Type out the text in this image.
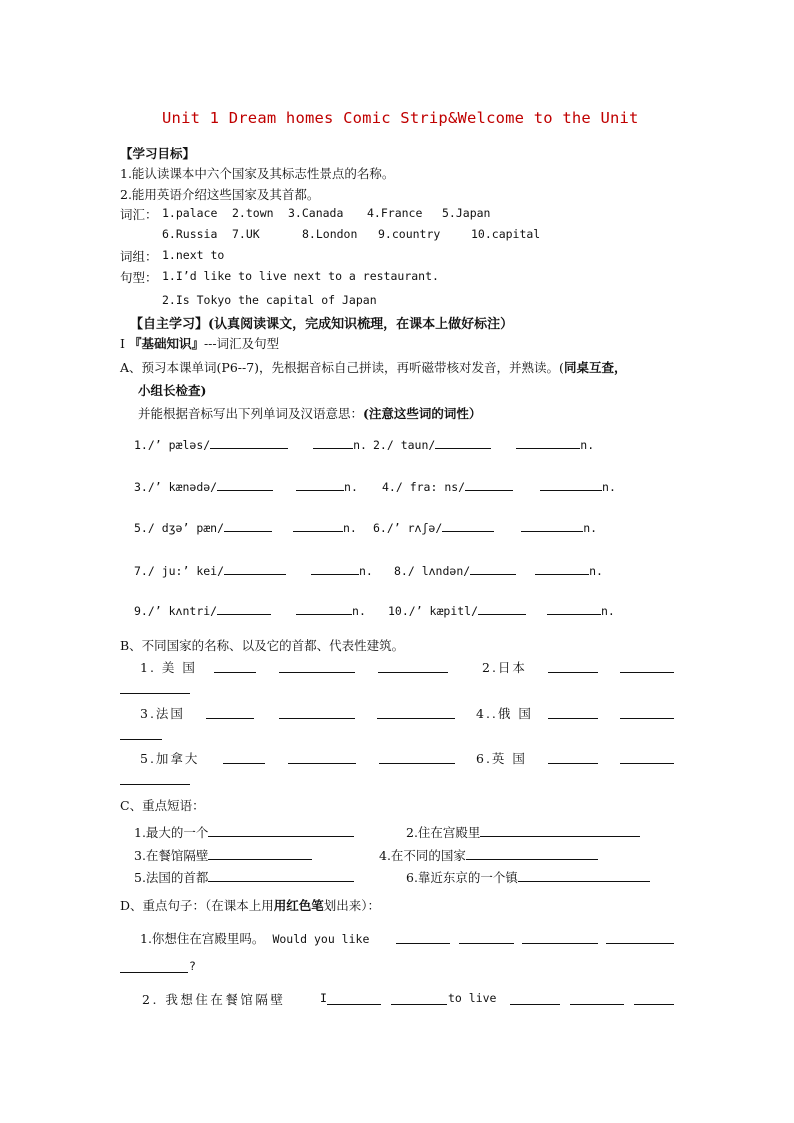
Unit 1 Dream homes Comic Strip&Welcome to the Unit
【学习目标】
1.能认读课本中六个国家及其标志性景点的名称。
2.能用英语介绍这些国家及其首都。
词汇： 1.palace 2.town 3.Canada 4.France 5.Japan
6.Russia 7.UK	8.London 9.country	10.capital
词组： 1.next to
句型： 1.I’d like to live next to a restaurant.
2.Is Tokyo the capital of Japan
【自主学习】(认真阅读课文，完成知识梳理，在课本上做好标注）
Ⅰ 『基础知识』---词汇及句型
A、预习本课单词(P6--7)，先根据音标自己拼读，再听磁带核对发音，并熟读。(同桌互查，
小组长检查)
并能根据音标写出下列单词及汉语意思：(注意这些词的词性）
1./’ pæləs/	n. 2./ taun/	n.
3./’ kænədə/	n. 4./ fra: ns/	n.
5./ dʒə’ pæn/	n. 6./’ rʌʃə/	n.
7./ ju:’ kei/	n. 8./ lʌndən/	n.
9./’ kʌntri/	n. 10./’ kæpitl/	n.
B、不同国家的名称、以及它的首都、代表性建筑。
1. 美 国	2.日本
3.法国	4..俄 国
5.加拿大	6.英 国
C、重点短语：
1.最大的一个	2.住在宫殿里
3.在餐馆隔壁	4.在不同的国家
5.法国的首都	6.靠近东京的一个镇
D、重点句子：（在课本上用用红色笔划出来）：
1.你想住在宫殿里吗。 Would you like
?
2. 我想住在餐馆隔壁	I	to live
